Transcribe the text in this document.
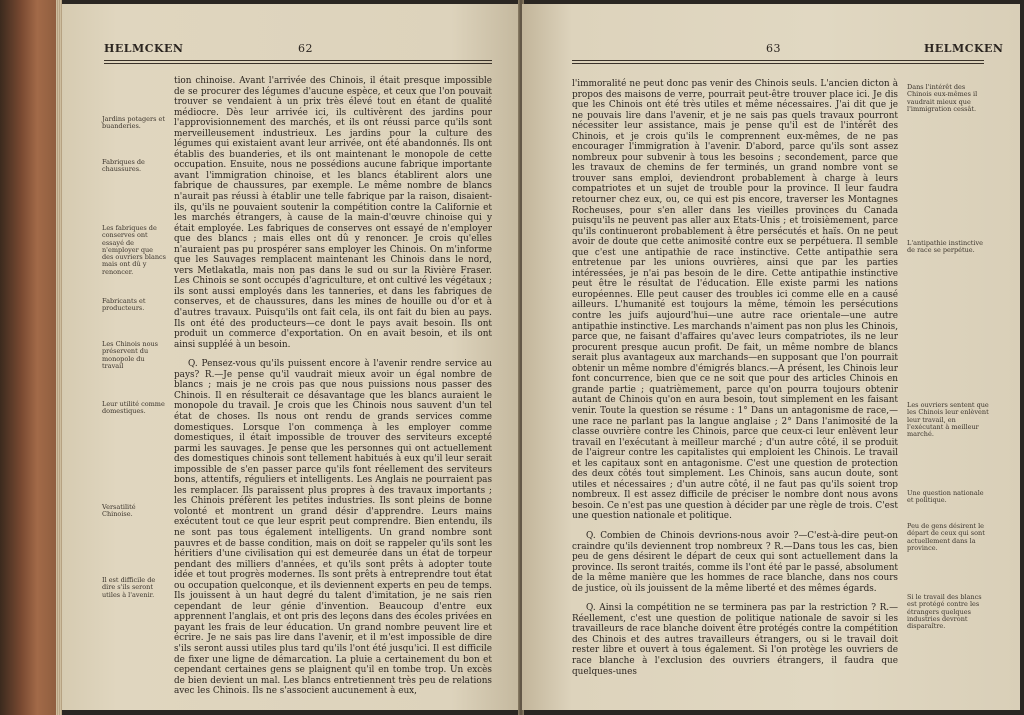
HELMCKEN	62
Jardins potagers et buanderies.
Fabriques de chaussures.
Les fabriques de conserves ont essayé de n'employer que des ouvriers blancs mais ont dû y renoncer.
Fabricants et producteurs.
Les Chinois nous préservent du monopole du travail
Leur utilité comme domestiques.
Versatilité Chinoise.
Il est difficile de dire s'ils seront utiles à l'avenir.

tion chinoise. Avant l'arrivée des Chinois, il était presque impossible de se procurer des légumes d'aucune espèce, et ceux que l'on pouvait trouver se vendaient à un prix très élevé tout en étant de qualité médiocre. Dès leur arrivée ici, ils cultivèrent des jardins pour l'approvisionnement des marchés, et ils ont réussi parce qu'ils sont merveilleusement industrieux. Les jardins pour la culture des légumes qui existaient avant leur arrivée, ont été abandonnés. Ils ont établis des buanderies, et ils ont maintenant le monopole de cette occupation. Ensuite, nous ne possédions aucune fabrique importante avant l'immigration chinoise, et les blancs établirent alors une fabrique de chaussures, par exemple. Le même nombre de blancs n'aurait pas réussi à établir une telle fabrique par la raison, disaient-ils, qu'ils ne pouvaient soutenir la compétition contre la Californie et les marchés étrangers, à cause de la main-d'œuvre chinoise qui y était employée. Les fabriques de conserves ont essayé de n'employer que des blancs ; mais elles ont dû y renoncer. Je crois qu'elles n'auraient pas pu prospérer sans employer les Chinois. On m'informe que les Sauvages remplacent maintenant les Chinois dans le nord, vers Metlakatla, mais non pas dans le sud ou sur la Rivière Fraser. Les Chinois se sont occupés d'agriculture, et ont cultivé les végétaux ; ils sont aussi employés dans les tanneries, et dans les fabriques de conserves, et de chaussures, dans les mines de houille ou d'or et à d'autres travaux. Puisqu'ils ont fait cela, ils ont fait du bien au pays. Ils ont été des producteurs—ce dont le pays avait besoin. Ils ont produit un commerce d'exportation. On en avait besoin, et ils ont ainsi suppléé à un besoin.

Q. Pensez-vous qu'ils puissent encore à l'avenir rendre service au pays? R.—Je pense qu'il vaudrait mieux avoir un égal nombre de blancs ; mais je ne crois pas que nous puissions nous passer des Chinois. Il en résulterait ce désavantage que les blancs auraient le monopole du travail. Je crois que les Chinois nous sauvent d'un tel état de choses. Ils nous ont rendu de grands services comme domestiques. Lorsque l'on commença à les employer comme domestiques, il était impossible de trouver des serviteurs excepté parmi les sauvages. Je pense que les personnes qui ont actuellement des domestiques chinois sont tellement habitués à eux qu'il leur serait impossible de s'en passer parce qu'ils font réellement des serviteurs bons, attentifs, réguliers et intelligents. Les Anglais ne pourraient pas les remplacer. Ils paraissent plus propres à des travaux importants ; les Chinois préfèrent les petites industries. Ils sont pleins de bonne volonté et montrent un grand désir d'apprendre. Leurs mains exécutent tout ce que leur esprit peut comprendre. Bien entendu, ils ne sont pas tous également intelligents. Un grand nombre sont pauvres et de basse condition, mais on doit se rappeler qu'ils sont les héritiers d'une civilisation qui est demeurée dans un état de torpeur pendant des milliers d'années, et qu'ils sont prêts à adopter toute idée et tout progrès modernes. Ils sont prêts à entreprendre tout état ou occupation quelconque, et ils deviennent experts en peu de temps. Ils jouissent à un haut degré du talent d'imitation, je ne sais rien cependant de leur génie d'invention. Beaucoup d'entre eux apprennent l'anglais, et ont pris des leçons dans des écoles privées en payant les frais de leur éducation. Un grand nombre peuvent lire et écrire. Je ne sais pas lire dans l'avenir, et il m'est impossible de dire s'ils seront aussi utiles plus tard qu'ils l'ont été jusqu'ici. Il est difficile de fixer une ligne de démarcation. La pluie a certainement du bon et cependant certaines gens se plaignent qu'il en tombe trop. Un excès de bien devient un mal. Les blancs entretiennent très peu de relations avec les Chinois. Ils ne s'associent aucunement à eux,

63	HELMCKEN

l'immoralité ne peut donc pas venir des Chinois seuls. L'ancien dicton à propos des maisons de verre, pourrait peut-être trouver place ici. Je dis que les Chinois ont été très utiles et même nécessaires. J'ai dit que je ne pouvais lire dans l'avenir, et je ne sais pas quels travaux pourront nécessiter leur assistance, mais je pense qu'il est de l'intérêt des Chinois, et je crois qu'ils le comprennent eux-mêmes, de ne pas encourager l'immigration à l'avenir. D'abord, parce qu'ils sont assez nombreux pour subvenir à tous les besoins ; secondement, parce que les travaux de chemins de fer terminés, un grand nombre vont se trouver sans emploi, deviendront probablement à charge à leurs compatriotes et un sujet de trouble pour la province. Il leur faudra retourner chez eux, ou, ce qui est pis encore, traverser les Montagnes Rocheuses, pour s'en aller dans les vieilles provinces du Canada puisqu'ils ne peuvent pas aller aux Etats-Unis ; et troisièmement, parce qu'ils continueront probablement à être persécutés et haïs. On ne peut avoir de doute que cette animosité contre eux se perpétuera. Il semble que c'est une antipathie de race instinctive. Cette antipathie sera entretenue par les unions ouvrières, ainsi que par les parties intéressées, je n'ai pas besoin de le dire. Cette antipathie instinctive peut être le résultat de l'éducation. Elle existe parmi les nations européennes. Elle peut causer des troubles ici comme elle en a causé ailleurs. L'humanité est toujours la même, témoin les persécutions contre les juifs aujourd'hui—une autre race orientale—une autre antipathie instinctive. Les marchands n'aiment pas non plus les Chinois, parce que, ne faisant d'affaires qu'avec leurs compatriotes, ils ne leur procurent presque aucun profit. De fait, un même nombre de blancs serait plus avantageux aux marchands—en supposant que l'on pourrait obtenir un même nombre d'émigrés blancs.—A présent, les Chinois leur font concurrence, bien que ce ne soit que pour des articles Chinois en grande partie ; quatrièmement, parce qu'on pourra toujours obtenir autant de Chinois qu'on en aura besoin, tout simplement en les faisant venir. Toute la question se résume : 1° Dans un antagonisme de race,—une race ne parlant pas la langue anglaise ; 2° Dans l'animosité de la classe ouvrière contre les Chinois, parce que ceux-ci leur enlèvent leur travail en l'exécutant à meilleur marché ; d'un autre côté, il se produit de l'aigreur contre les capitalistes qui emploient les Chinois. Le travail et les capitaux sont en antagonisme. C'est une question de protection des deux côtés tout simplement. Les Chinois, sans aucun doute, sont utiles et nécessaires ; d'un autre côté, il ne faut pas qu'ils soient trop nombreux. Il est assez difficile de préciser le nombre dont nous avons besoin. Ce n'est pas une question à décider par une règle de trois. C'est une question nationale et politique.

Q. Combien de Chinois devrions-nous avoir ?—C'est-à-dire peut-on craindre qu'ils deviennent trop nombreux ? R.—Dans tous les cas, bien peu de gens désirent le départ de ceux qui sont actuellement dans la province. Ils seront traités, comme ils l'ont été par le passé, absolument de la même manière que les hommes de race blanche, dans nos cours de justice, où ils jouissent de la même liberté et des mêmes égards.

Q. Ainsi la compétition ne se terminera pas par la restriction ? R.—Réellement, c'est une question de politique nationale de savoir si les travailleurs de race blanche doivent être protégés contre la compétition des Chinois et des autres travailleurs étrangers, ou si le travail doit rester libre et ouvert à tous également. Si l'on protège les ouvriers de race blanche à l'exclusion des ouvriers étrangers, il faudra que quelques-unes

Dans l'intérêt des Chinois eux-mêmes il vaudrait mieux que l'immigration cessât.
L'antipathie instinctive de race se perpétue.
Les ouvriers sentent que les Chinois leur enlèvent leur travail, en l'exécutant à meilleur marché.
Une question nationale et politique.
Peu de gens désirent le départ de ceux qui sont actuellement dans la province.
Si le travail des blancs est protégé contre les étrangers quelques industries devront disparaître.
